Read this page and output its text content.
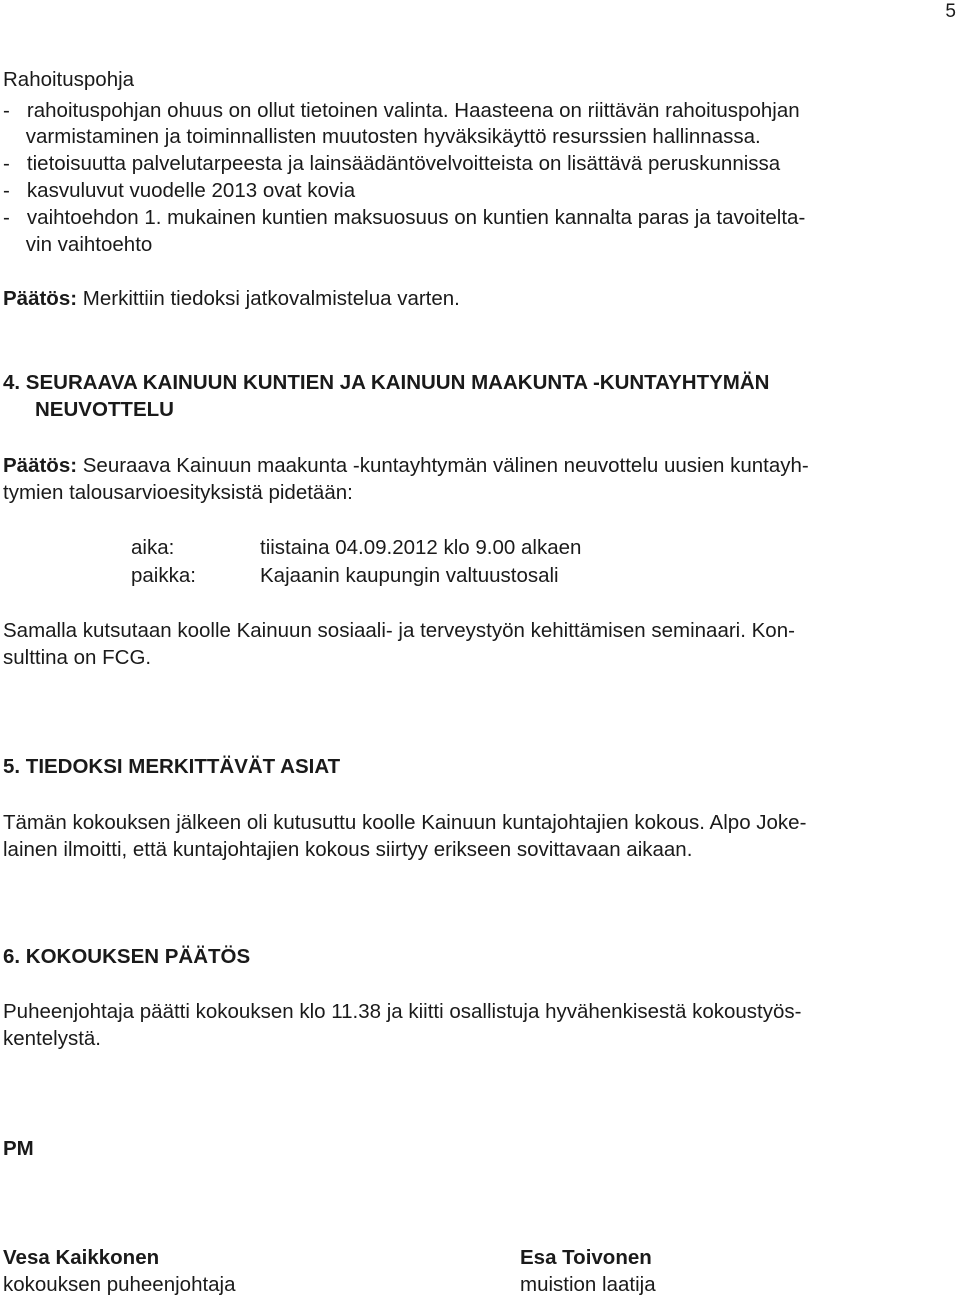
5
Rahoituspohja
-   rahoituspohjan ohuus on ollut tietoinen valinta. Haasteena on riittävän rahoituspohjan
varmistaminen ja toiminnallisten muutosten hyväksikäyttö resurssien hallinnassa.
-   tietoisuutta palvelutarpeesta ja lainsäädäntövelvoitteista on lisättävä peruskunnissa
-   kasvuluvut vuodelle 2013 ovat kovia
-   vaihtoehdon 1. mukainen kuntien maksuosuus on kuntien kannalta paras ja tavoitelta-
vin vaihtoehto
Päätös: Merkittiin tiedoksi jatkovalmistelua varten.
4. SEURAAVA KAINUUN KUNTIEN JA KAINUUN MAAKUNTA -KUNTAYHTYMÄN
NEUVOTTELU
Päätös: Seuraava Kainuun maakunta -kuntayhtymän välinen neuvottelu uusien kuntayh-
tymien talousarvioesityksistä pidetään:
aika:	tiistaina 04.09.2012 klo 9.00 alkaen
paikka:	Kajaanin kaupungin valtuustosali
Samalla kutsutaan koolle Kainuun sosiaali- ja terveystyön kehittämisen seminaari. Kon-
sulttina on FCG.
5. TIEDOKSI MERKITTÄVÄT ASIAT
Tämän kokouksen jälkeen oli kutusuttu koolle Kainuun kuntajohtajien kokous. Alpo Joke-
lainen ilmoitti, että kuntajohtajien kokous siirtyy erikseen sovittavaan aikaan.
6. KOKOUKSEN PÄÄTÖS
Puheenjohtaja päätti kokouksen klo 11.38 ja kiitti osallistuja hyvähenkisestä kokoustyös-
kentelystä.
PM
Vesa Kaikkonen
kokouksen puheenjohtaja
Esa Toivonen
muistion laatija
